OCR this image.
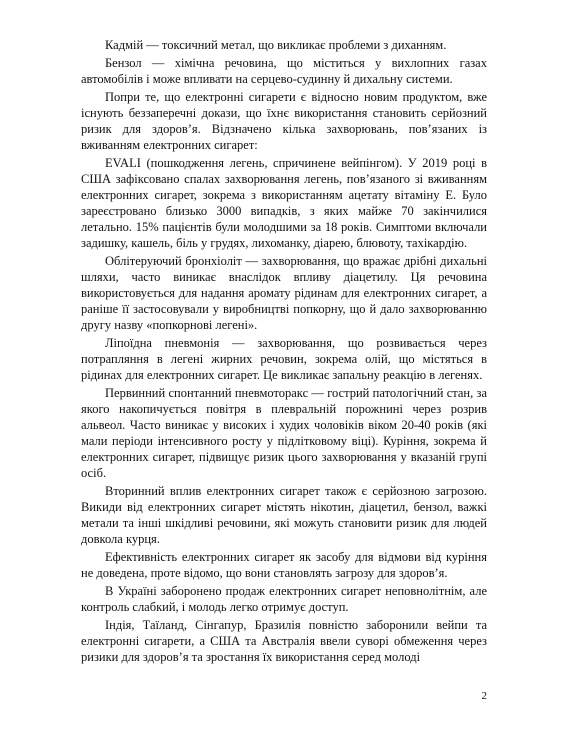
Кадмій — токсичний метал, що викликає проблеми з диханням.

Бензол — хімічна речовина, що міститься у вихлопних газах автомобілів і може впливати на серцево-судинну й дихальну системи.

Попри те, що електронні сигарети є відносно новим продуктом, вже існують беззаперечні докази, що їхнє використання становить серйозний ризик для здоров’я. Відзначено кілька захворювань, пов’язаних із вживанням електронних сигарет:

EVALI (пошкодження легень, спричинене вейпінгом). У 2019 році в США зафіксовано спалах захворювання легень, пов’язаного зі вживанням електронних сигарет, зокрема з використанням ацетату вітаміну Е. Було зареєстровано близько 3000 випадків, з яких майже 70 закінчилися летально. 15% пацієнтів були молодшими за 18 років. Симптоми включали задишку, кашель, біль у грудях, лихоманку, діарею, блювоту, тахікардію.

Облітеруючий бронхіоліт — захворювання, що вражає дрібні дихальні шляхи, часто виникає внаслідок впливу діацетилу. Ця речовина використовується для надання аромату рідинам для електронних сигарет, а раніше її застосовували у виробництві попкорну, що й дало захворюванню другу назву «попкорнові легені».

Ліпоїдна пневмонія — захворювання, що розвивається через потрапляння в легені жирних речовин, зокрема олій, що містяться в рідинах для електронних сигарет. Це викликає запальну реакцію в легенях.

Первинний спонтанний пневмоторакс — гострий патологічний стан, за якого накопичується повітря в плевральній порожнині через розрив альвеол. Часто виникає у високих і худих чоловіків віком 20-40 років (які мали періоди інтенсивного росту у підлітковому віці). Куріння, зокрема й електронних сигарет, підвищує ризик цього захворювання у вказаній групі осіб.

Вторинний вплив електронних сигарет також є серйозною загрозою. Викиди від електронних сигарет містять нікотин, діацетил, бензол, важкі метали та інші шкідливі речовини, які можуть становити ризик для людей довкола курця.

Ефективність електронних сигарет як засобу для відмови від куріння не доведена, проте відомо, що вони становлять загрозу для здоров’я.

В Україні заборонено продаж електронних сигарет неповнолітнім, але контроль слабкий, і молодь легко отримує доступ.

Індія, Таїланд, Сінгапур, Бразилія повністю заборонили вейпи та електронні сигарети, а США та Австралія ввели суворі обмеження через ризики для здоров’я та зростання їх використання серед молоді

2
